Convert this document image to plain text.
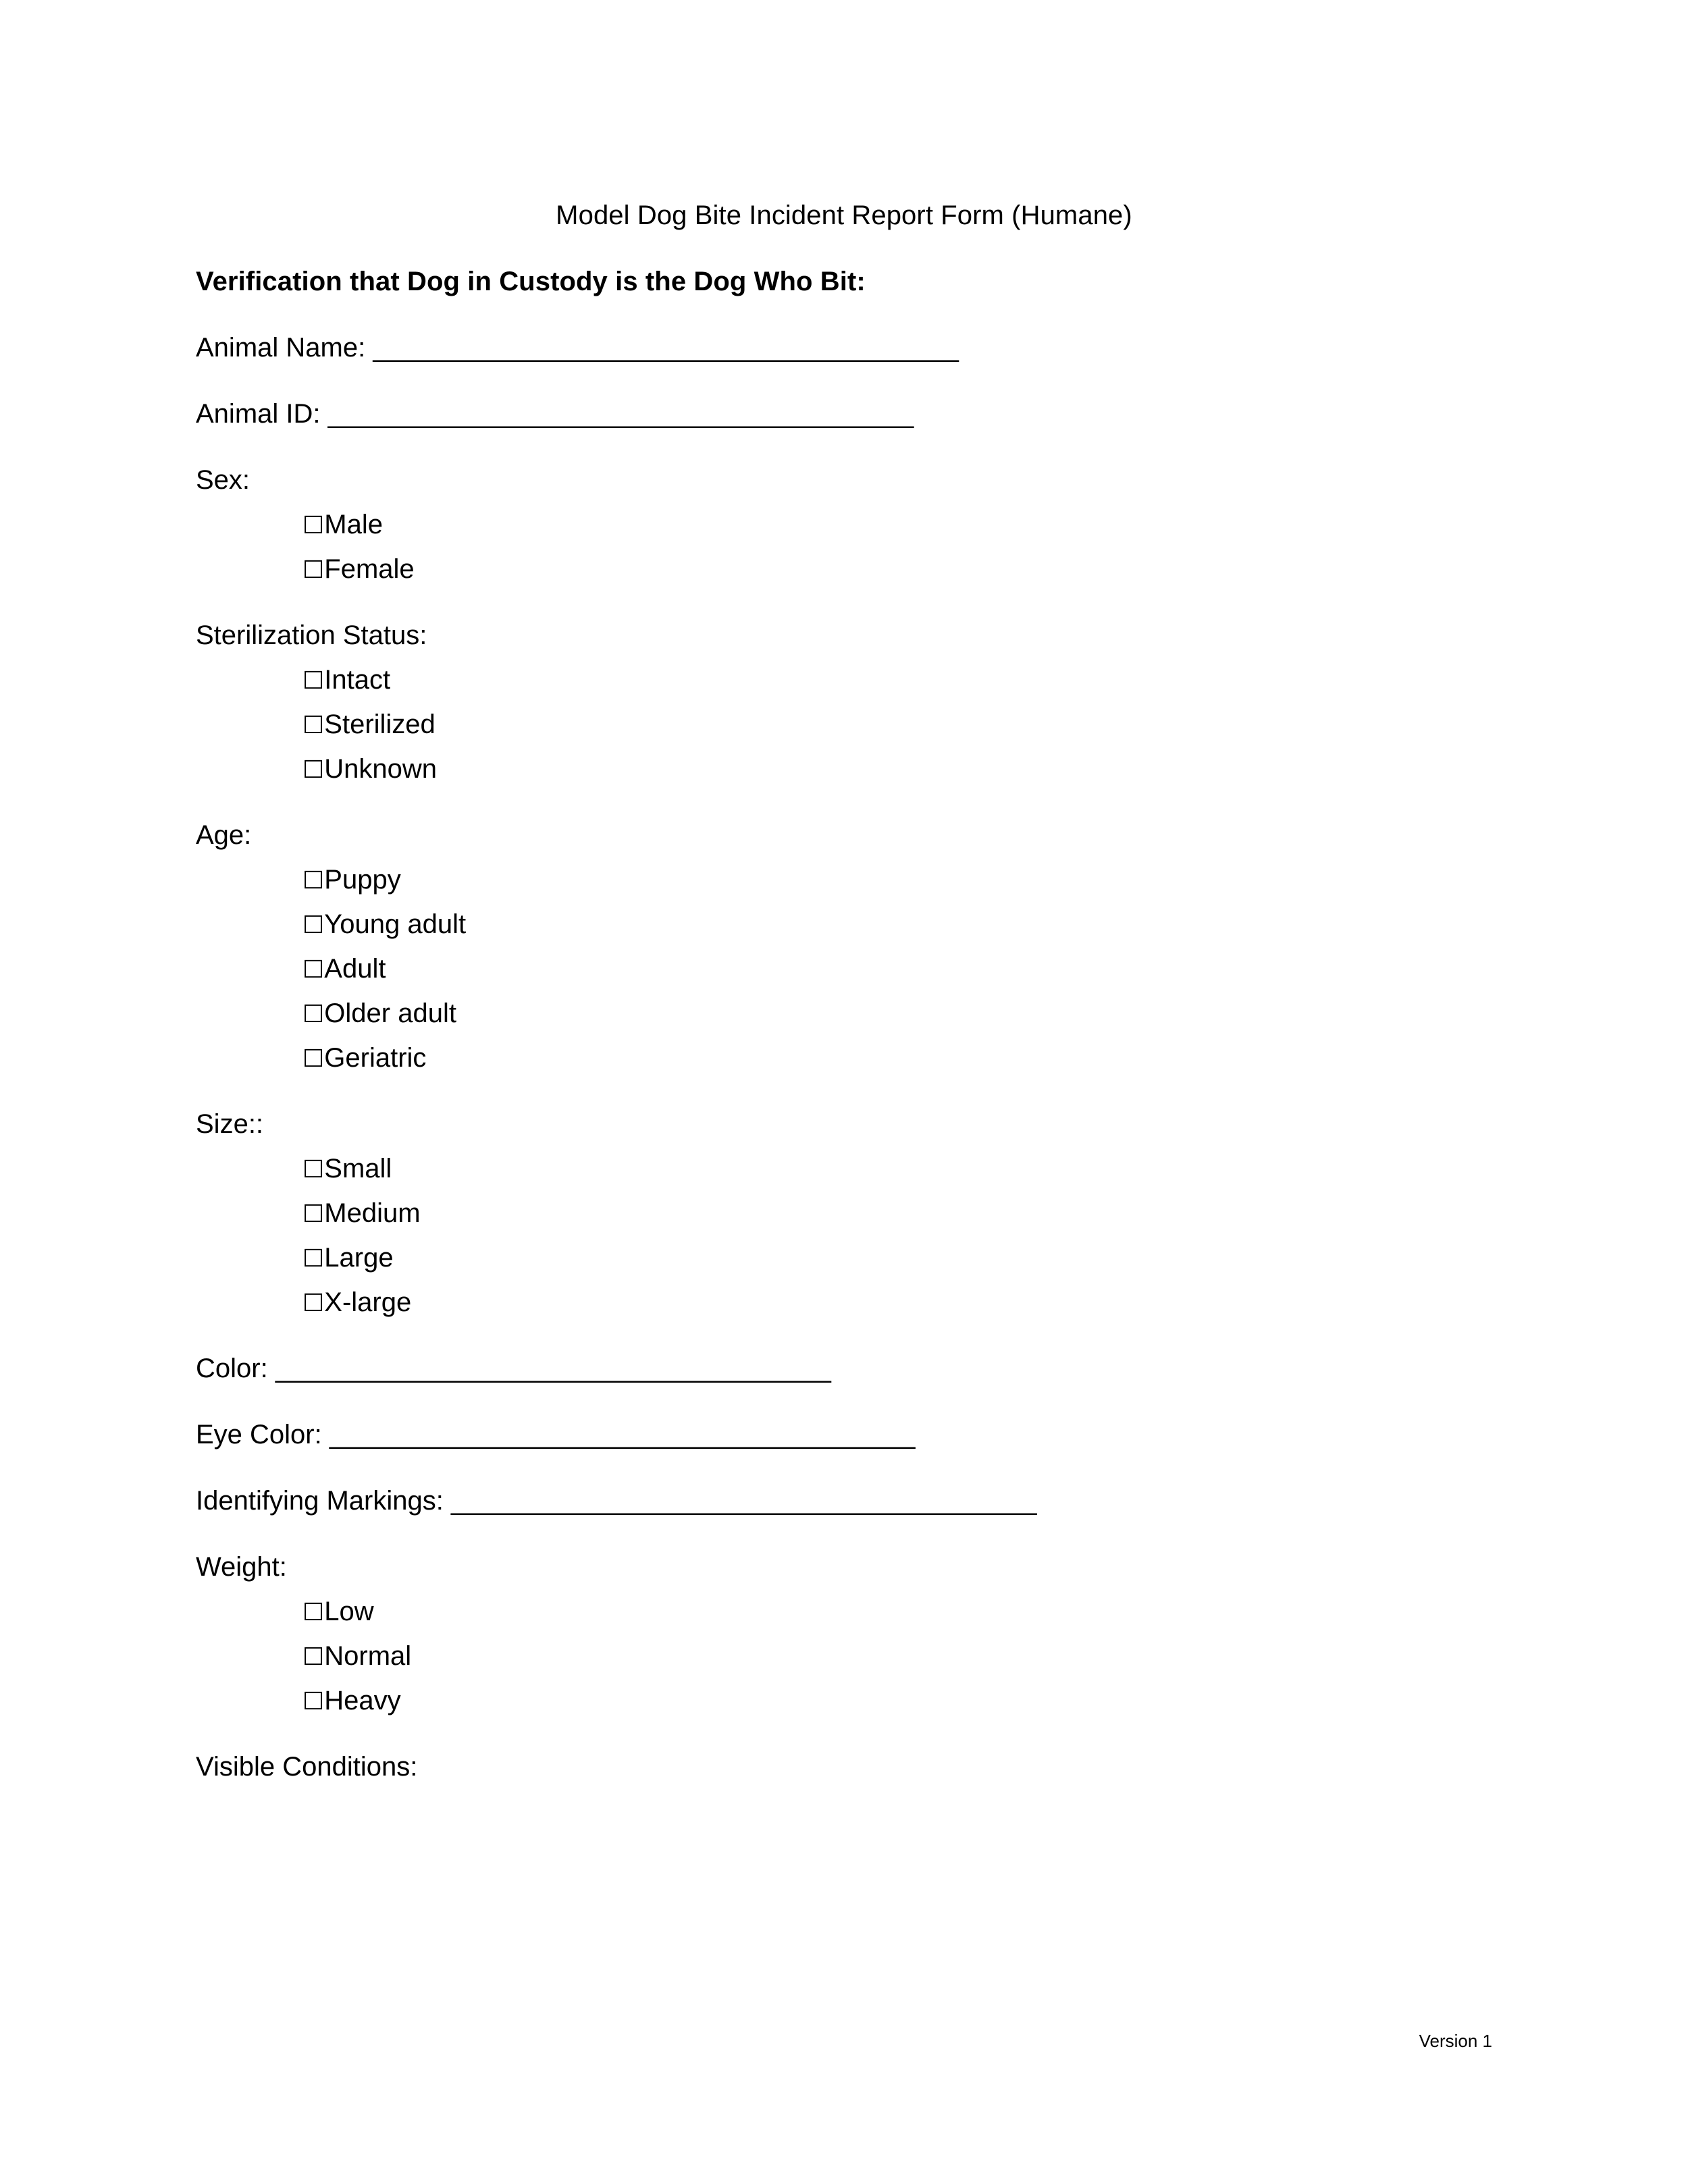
Model Dog Bite Incident Report Form (Humane)
Verification that Dog in Custody is the Dog Who Bit:
Animal Name: _______________________________________
Animal ID: _______________________________________
Sex:
☐Male
☐Female
Sterilization Status:
☐Intact
☐Sterilized
☐Unknown
Age:
☐Puppy
☐Young adult
☐Adult
☐Older adult
☐Geriatric
Size::
☐Small
☐Medium
☐Large
☐X-large
Color: _____________________________________
Eye Color: _______________________________________
Identifying Markings: _______________________________________
Weight:
☐Low
☐Normal
☐Heavy
Visible Conditions:
Version 1
